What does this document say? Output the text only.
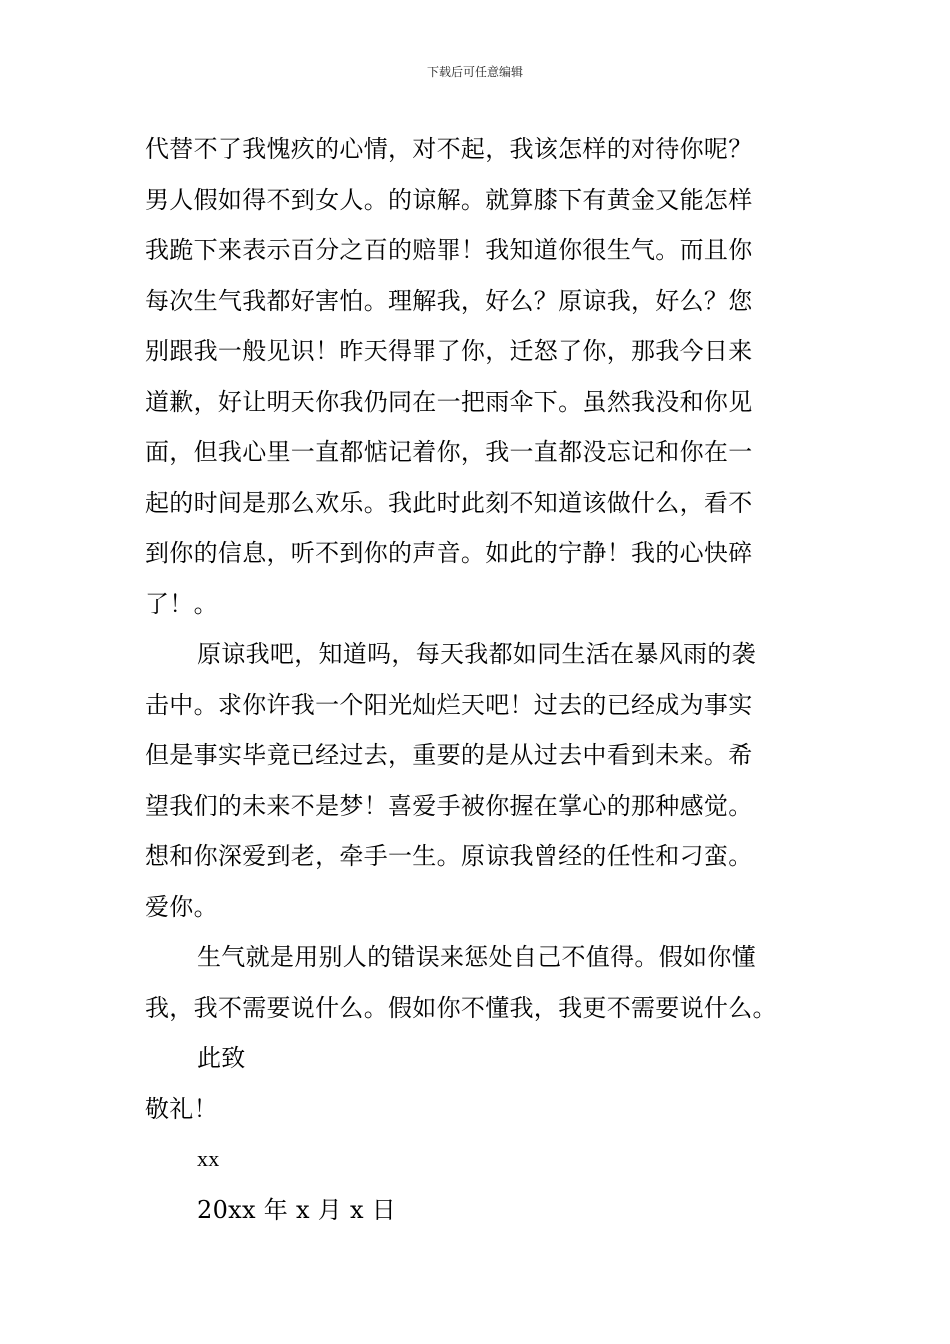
下载后可任意编辑
代替不了我愧疚的心情，对不起，我该怎样的对待你呢？
男人假如得不到女人。的谅解。就算膝下有黄金又能怎样
我跪下来表示百分之百的赔罪！我知道你很生气。而且你
每次生气我都好害怕。理解我，好么？原谅我，好么？您
别跟我一般见识！昨天得罪了你，迁怒了你，那我今日来
道歉，好让明天你我仍同在一把雨伞下。虽然我没和你见
面，但我心里一直都惦记着你，我一直都没忘记和你在一
起的时间是那么欢乐。我此时此刻不知道该做什么，看不
到你的信息，听不到你的声音。如此的宁静！我的心快碎
了！。
原谅我吧，知道吗，每天我都如同生活在暴风雨的袭
击中。求你许我一个阳光灿烂天吧！过去的已经成为事实
但是事实毕竟已经过去，重要的是从过去中看到未来。希
望我们的未来不是梦！喜爱手被你握在掌心的那种感觉。
想和你深爱到老，牵手一生。原谅我曾经的任性和刁蛮。
爱你。
生气就是用别人的错误来惩处自己不值得。假如你懂
我，我不需要说什么。假如你不懂我，我更不需要说什么。
此致
敬礼！
xx
20xx 年 x 月 x 日
